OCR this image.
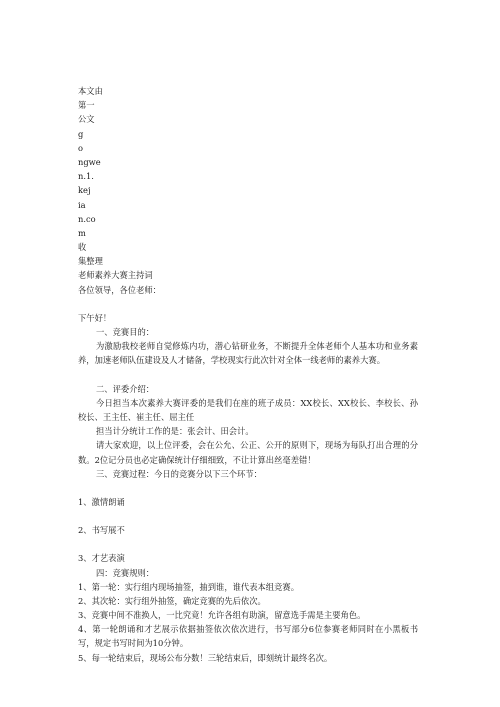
本文由
第一
公文
g
o
ngwe
n.1.
kej
ia
n.co
m
收
集整理
老师素养大赛主持词
各位领导，各位老师：
下午好！
一、竞赛目的：
为激励我校老师自觉修炼内功，潜心钻研业务，不断提升全体老师个人基本功和业务素养，加速老师队伍建设及人才储备，学校现实行此次针对全体一线老师的素养大赛。
二、评委介绍：
今日担当本次素养大赛评委的是我们在座的班子成员：XX校长、XX校长、李校长、孙校长、王主任、崔主任、屈主任
担当计分统计工作的是：张会计、田会计。
请大家欢迎，以上位评委，会在公允、公正、公开的原则下，现场为每队打出合理的分数。2位记分员也必定确保统计仔细细致，不让计算出丝毫差错！
三、竞赛过程：今日的竞赛分以下三个环节：
1、激情朗诵
2、书写展不
3、才艺表演
四：竞赛规则：
1、第一轮：实行组内现场抽签，抽到谁，谁代表本组竞赛。
2、其次轮：实行组外抽签，确定竞赛的先后依次。
3、竞赛中间不准换人，一比究竟！允许各组有助演，留意选手需是主要角色。
4、第一轮朗诵和才艺展示依据抽签依次依次进行，书写部分6位参赛老师同时在小黑板书写，规定书写时间为10分钟。
5、每一轮结束后，现场公布分数！三轮结束后，即刻统计最终名次。
